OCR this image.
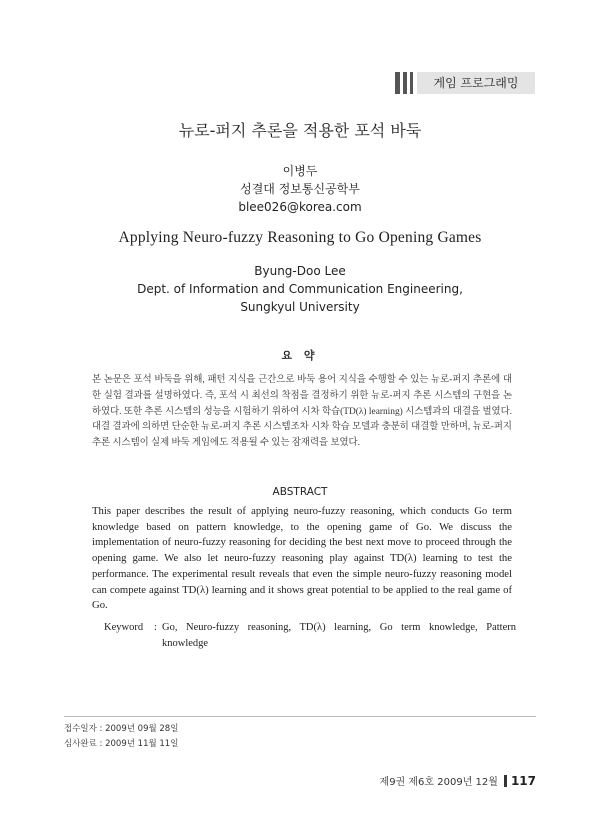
게임 프로그래밍
뉴로-퍼지 추론을 적용한 포석 바둑
이병두
성결대 정보통신공학부
blee026@korea.com
Applying Neuro-fuzzy Reasoning to Go Opening Games
Byung-Doo Lee
Dept. of Information and Communication Engineering,
Sungkyul University
요 약
본 논문은 포석 바둑을 위해, 패턴 지식을 근간으로 바둑 용어 지식을 수행할 수 있는 뉴로-퍼지 추론에 대한 실험 결과를 설명하였다. 즉, 포석 시 최선의 착점을 결정하기 위한 뉴로-퍼지 추론 시스템의 구현을 논하였다. 또한 추론 시스템의 성능을 시험하기 위하여 시차 학습(TD(λ) learning) 시스템과의 대결을 벌였다. 대결 결과에 의하면 단순한 뉴로-퍼지 추론 시스템조차 시차 학습 모델과 충분히 대결할 만하며, 뉴로-퍼지 추론 시스템이 실제 바둑 게임에도 적용될 수 있는 잠재력을 보였다.
ABSTRACT
This paper describes the result of applying neuro-fuzzy reasoning, which conducts Go term knowledge based on pattern knowledge, to the opening game of Go. We discuss the implementation of neuro-fuzzy reasoning for deciding the best next move to proceed through the opening game. We also let neuro-fuzzy reasoning play against TD(λ) learning to test the performance. The experimental result reveals that even the simple neuro-fuzzy reasoning model can compete against TD(λ) learning and it shows great potential to be applied to the real game of Go.
Keyword	: Go, Neuro-fuzzy reasoning, TD(λ) learning, Go term knowledge, Pattern knowledge
접수일자 : 2009년 09월 28일
심사완료 : 2009년 11월 11일
제9권 제6호 2009년 12월 117
